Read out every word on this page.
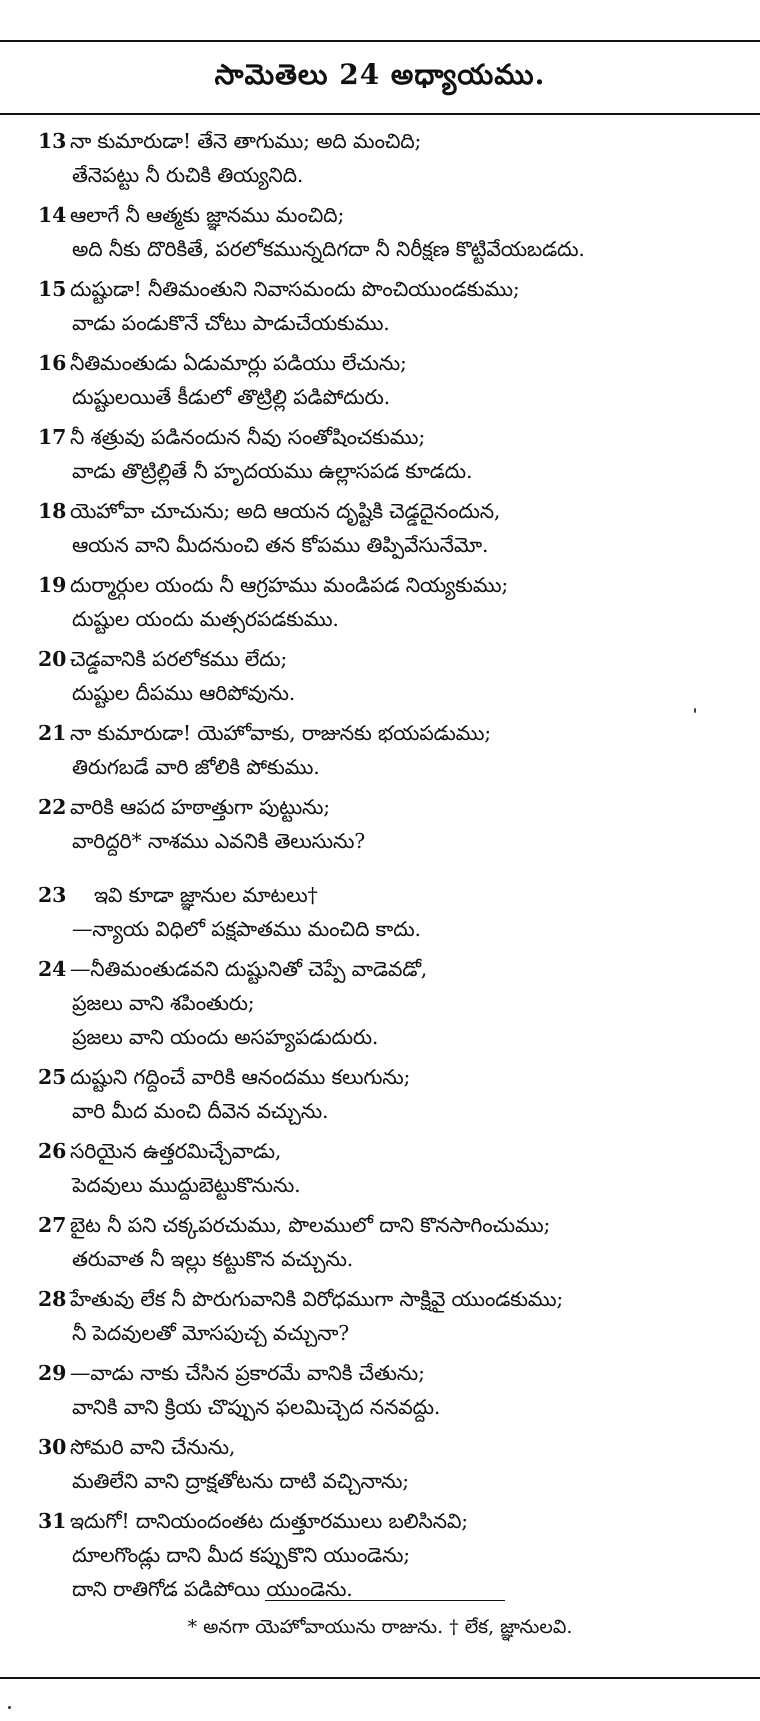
సామెతెలు 24 అధ్యాయము.
13 నా కుమారుడా! తేనె తాగుము; అది మంచిది;
తేనెపట్టు నీ రుచికి తియ్యనిది.
14 ఆలాగే నీ ఆత్మకు జ్ఞానము మంచిది;
అది నీకు దొరికితే, పరలోకమున్నదిగదా నీ నిరీక్షణ కొట్టివేయబడదు.
15 దుష్టుడా! నీతిమంతుని నివాసమందు పొంచియుండకుము;
వాడు పండుకొనే చోటు పాడుచేయకుము.
16 నీతిమంతుడు ఏడుమార్లు పడియు లేచును;
దుష్టులయితే కీడులో తొట్రిల్లి పడిపోదురు.
17 నీ శత్రువు పడినందున నీవు సంతోషించకుము;
వాడు తొట్రిల్లితే నీ హృదయము ఉల్లాసపడ కూడదు.
18 యెహోవా చూచును; అది ఆయన దృష్టికి చెడ్డదైనందున,
ఆయన వాని మీదనుంచి తన కోపము తిప్పివేసునేమో.
19 దుర్మార్గుల యందు నీ ఆగ్రహము మండిపడ నియ్యకుము;
దుష్టుల యందు మత్సరపడకుము.
20 చెడ్డవానికి పరలోకము లేదు;
దుష్టుల దీపము ఆరిపోవును.
21 నా కుమారుడా! యెహోవాకు, రాజునకు భయపడుము;
తిరుగబడే వారి జోలికి పోకుము.
22 వారికి ఆపద హఠాత్తుగా పుట్టును;
వారిద్దరి* నాశము ఎవనికి తెలుసును?
23 ఇవి కూడా జ్ఞానుల మాటలు†
—న్యాయ విధిలో పక్షపాతము మంచిది కాదు.
24 —నీతిమంతుడవని దుష్టునితో చెప్పే వాడెవడో,
ప్రజలు వాని శపింతురు;
ప్రజలు వాని యందు అసహ్యపడుదురు.
25 దుష్టుని గద్దించే వారికి ఆనందము కలుగును;
వారి మీద మంచి దీవెన వచ్చును.
26 సరియైన ఉత్తరమిచ్చేవాడు,
పెదవులు ముద్దుబెట్టుకొనును.
27 బైట నీ పని చక్కపరచుము, పొలములో దాని కొనసాగించుము;
తరువాత నీ ఇల్లు కట్టుకొన వచ్చును.
28 హేతువు లేక నీ పొరుగువానికి విరోధముగా సాక్షివై యుండకుము;
నీ పెదవులతో మోసపుచ్చ వచ్చునా?
29 —వాడు నాకు చేసిన ప్రకారమే వానికి చేతును;
వానికి వాని క్రియ చొప్పున ఫలమిచ్చెద ననవద్దు.
30 సోమరి వాని చేనును,
మతిలేని వాని ద్రాక్షతోటను దాటి వచ్చినాను;
31 ఇదుగో! దానియందంతట దుత్తూరములు బలిసినవి;
దూలగొండ్లు దాని మీద కప్పుకొని యుండెను;
దాని రాతిగోడ పడిపోయి యుండెను.
* అనగా యెహోవాయును రాజును. † లేక, జ్ఞానులవి.
